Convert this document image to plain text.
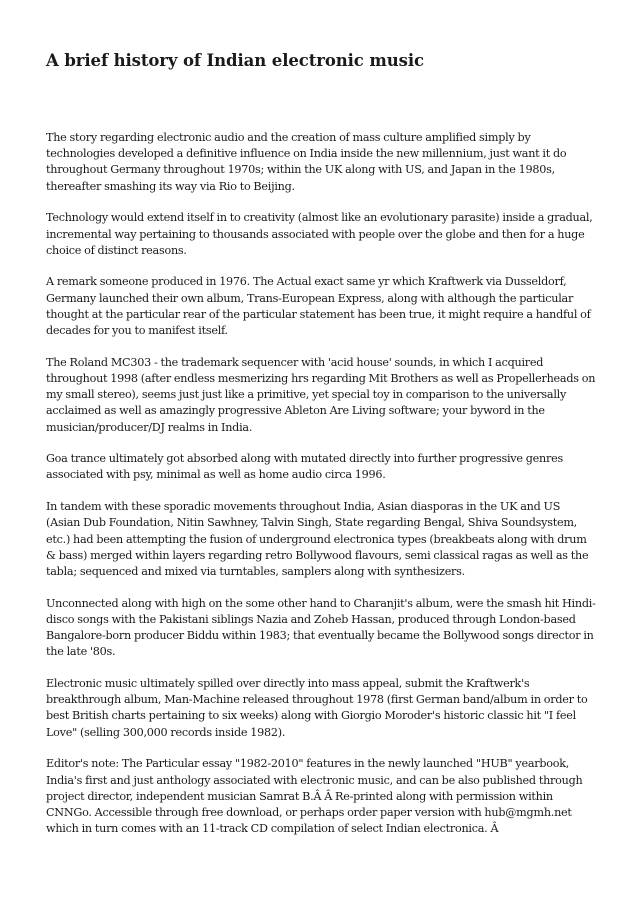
A brief history of Indian electronic music

The story regarding electronic audio and the creation of mass culture amplified simply by technologies developed a definitive influence on India inside the new millennium, just want it do throughout Germany throughout 1970s; within the UK along with US, and Japan in the 1980s, thereafter smashing its way via Rio to Beijing.

Technology would extend itself in to creativity (almost like an evolutionary parasite) inside a gradual, incremental way pertaining to thousands associated with people over the globe and then for a huge choice of distinct reasons.

A remark someone produced in 1976. The Actual exact same yr which Kraftwerk via Dusseldorf, Germany launched their own album, Trans-European Express, along with although the particular thought at the particular rear of the particular statement has been true, it might require a handful of decades for you to manifest itself.

The Roland MC303 - the trademark sequencer with 'acid house' sounds, in which I acquired throughout 1998 (after endless mesmerizing hrs regarding Mit Brothers as well as Propellerheads on my small stereo), seems just just like a primitive, yet special toy in comparison to the universally acclaimed as well as amazingly progressive Ableton Are Living software; your byword in the musician/producer/DJ realms in India.

Goa trance ultimately got absorbed along with mutated directly into further progressive genres associated with psy, minimal as well as home audio circa 1996.

In tandem with these sporadic movements throughout India, Asian diasporas in the UK and US (Asian Dub Foundation, Nitin Sawhney, Talvin Singh, State regarding Bengal, Shiva Soundsystem, etc.) had been attempting the fusion of underground electronica types (breakbeats along with drum & bass) merged within layers regarding retro Bollywood flavours, semi classical ragas as well as the tabla; sequenced and mixed via turntables, samplers along with synthesizers.

Unconnected along with high on the some other hand to Charanjit's album, were the smash hit Hindi-disco songs with the Pakistani siblings Nazia and Zoheb Hassan, produced through London-based Bangalore-born producer Biddu within 1983; that eventually became the Bollywood songs director in the late '80s.

Electronic music ultimately spilled over directly into mass appeal, submit the Kraftwerk's breakthrough album, Man-Machine released throughout 1978 (first German band/album in order to best British charts pertaining to six weeks) along with Giorgio Moroder's historic classic hit "I feel Love" (selling 300,000 records inside 1982).

Editor's note: The Particular essay "1982-2010" features in the newly launched "HUB" yearbook, India's first and just anthology associated with electronic music, and can be also published through project director, independent musician Samrat B.Â Â Re-printed along with permission within CNNGo. Accessible through free download, or perhaps order paper version with hub@mgmh.net which in turn comes with an 11-track CD compilation of select Indian electronica. Â
